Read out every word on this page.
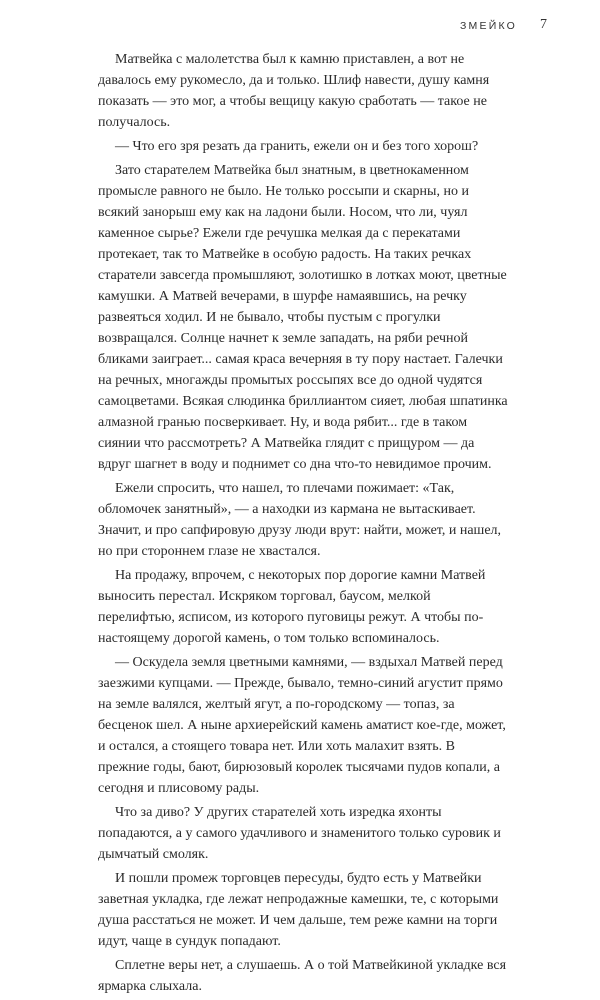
ЗМЕЙКО 7

Матвейка с малолетства был к камню приставлен, а вот не давалось ему рукомесло, да и только. Шлиф навести, душу камня показать — это мог, а чтобы вещицу какую сработать — такое не получалось.

— Что его зря резать да гранить, ежели он и без того хорош?

Зато старателем Матвейка был знатным, в цветнокаменном промысле равного не было. Не только россыпи и скарны, но и всякий занорыш ему как на ладони были. Носом, что ли, чуял каменное сырье? Ежели где речушка мелкая да с перекатами протекает, так то Матвейке в особую радость. На таких речках старатели завсегда промышляют, золотишко в лотках моют, цветные камушки. А Матвей вечерами, в шурфе намаявшись, на речку развеяться ходил. И не бывало, чтобы пустым с прогулки возвращался. Солнце начнет к земле западать, на ряби речной бликами заиграет... самая краса вечерняя в ту пору настает. Галечки на речных, многажды промытых россыпях все до одной чудятся самоцветами. Всякая слюдинка бриллиантом сияет, любая шпатинка алмазной гранью посверкивает. Ну, и вода рябит... где в таком сиянии что рассмотреть? А Матвейка глядит с прищуром — да вдруг шагнет в воду и поднимет со дна что-то невидимое прочим.

Ежели спросить, что нашел, то плечами пожимает: «Так, обломочек занятный», — а находки из кармана не вытаскивает. Значит, и про сапфировую друзу люди врут: найти, может, и нашел, но при стороннем глазе не хвастался.

На продажу, впрочем, с некоторых пор дорогие камни Матвей выносить перестал. Искряком торговал, баусом, мелкой перелифтью, ясписом, из которого пуговицы режут. А чтобы по-настоящему дорогой камень, о том только вспоминалось.

— Оскудела земля цветными камнями, — вздыхал Матвей перед заезжими купцами. — Прежде, бывало, темно-синий агустит прямо на земле валялся, желтый ягут, а по-городскому — топаз, за бесценок шел. А ныне архиерейский камень аматист кое-где, может, и остался, а стоящего товара нет. Или хоть малахит взять. В прежние годы, бают, бирюзовый королек тысячами пудов копали, а сегодня и плисовому рады.

Что за диво? У других старателей хоть изредка яхонты попадаются, а у самого удачливого и знаменитого только суровик и дымчатый смоляк.

И пошли промеж торговцев пересуды, будто есть у Матвейки заветная укладка, где лежат непродажные камешки, те, с которыми душа расстаться не может. И чем дальше, тем реже камни на торги идут, чаще в сундук попадают.

Сплетне веры нет, а слушаешь. А о той Матвейкиной укладке вся ярмарка слыхала.
